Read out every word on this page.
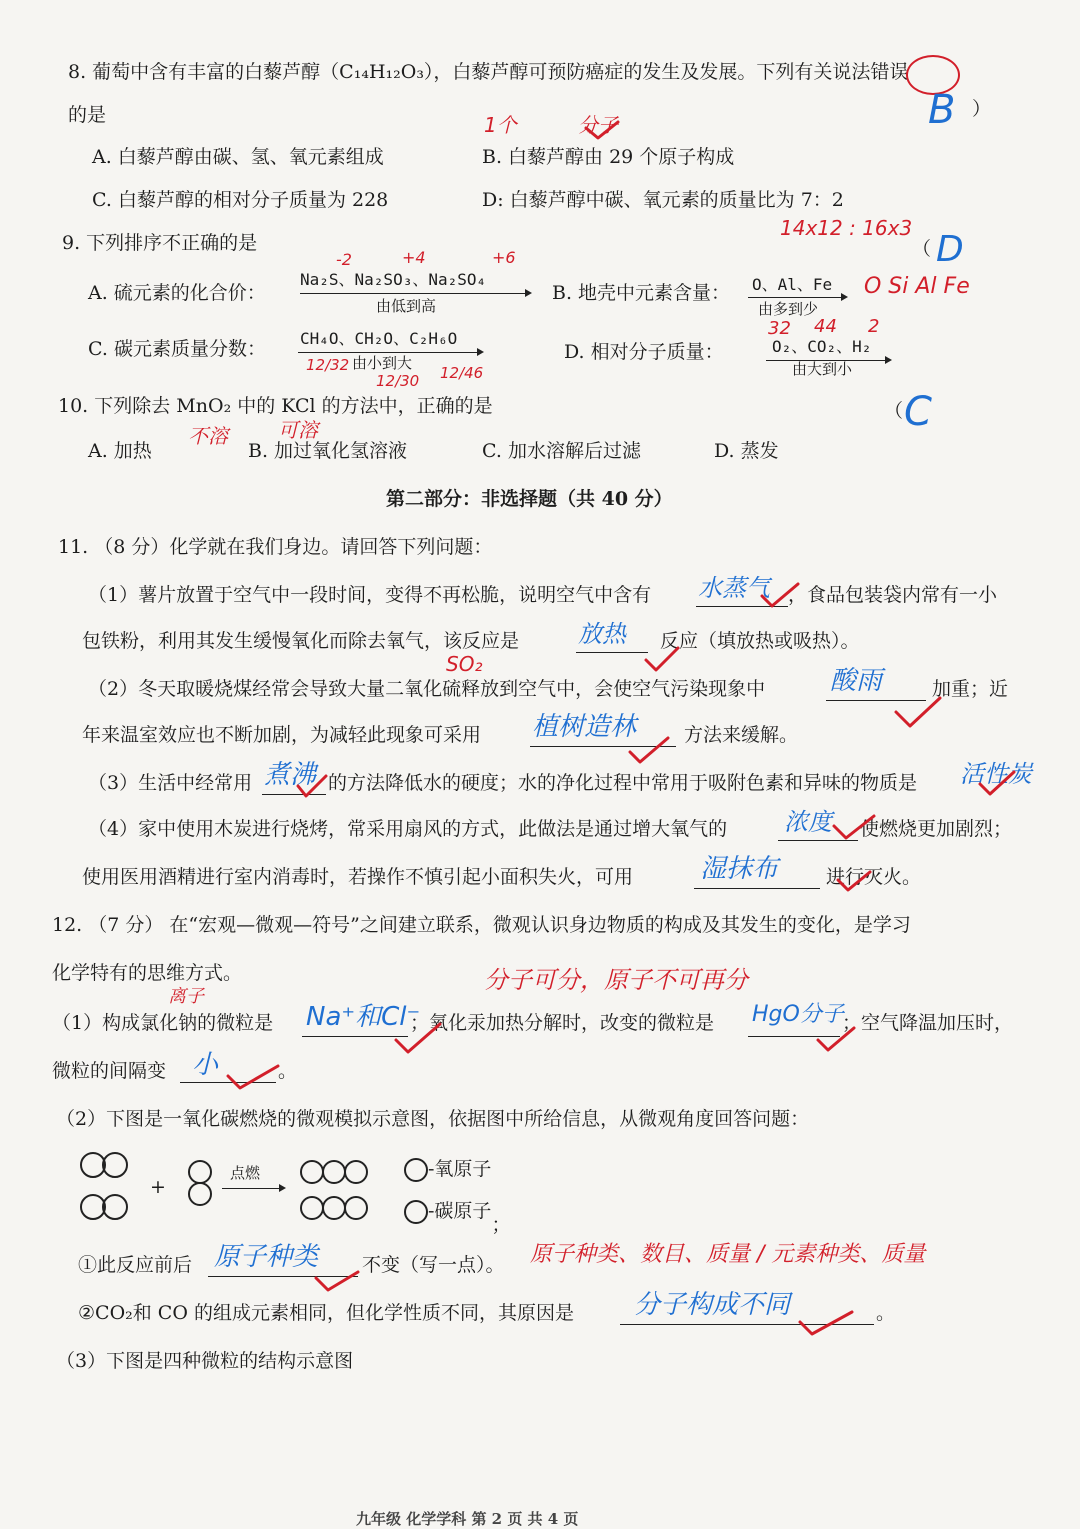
8. 葡萄中含有丰富的白藜芦醇（C₁₄H₁₂O₃），白藜芦醇可预防癌症的发生及发展。下列有关说法错误
的是	B ）
1个	分子
A. 白藜芦醇由碳、氢、氧元素组成	B. 白藜芦醇由 29 个原子构成
C. 白藜芦醇的相对分子质量为 228	D: 白藜芦醇中碳、氧元素的质量比为 7：2
14x12 : 16x3
9. 下列排序不正确的是	（ D
A. 硫元素的化合价：
-2	+4	+6
Na₂S、Na₂SO₃、Na₂SO₄
由低到高
B. 地壳中元素含量： O、Al、Fe
由多到少
O Si Al Fe
C. 碳元素质量分数： CH₄O、CH₂O、C₂H₆O
由小到大
12/32
12/30 12/46
D. 相对分子质量：
32 44 2
O₂、CO₂、H₂
由大到小
10. 下列除去 MnO₂ 中的 KCl 的方法中，正确的是	（ C
不溶	可溶
A. 加热	B. 加过氧化氢溶液	C. 加水溶解后过滤	D. 蒸发
第二部分：非选择题（共 40 分）
11. （8 分）化学就在我们身边。请回答下列问题：
（1）薯片放置于空气中一段时间，变得不再松脆，说明空气中含有 水蒸气 ，食品包装袋内常有一小
包铁粉，利用其发生缓慢氧化而除去氧气，该反应是 放热 反应（填放热或吸热）。
SO₂
（2）冬天取暖烧煤经常会导致大量二氧化硫释放到空气中，会使空气污染现象中 酸雨	加重；近
年来温室效应也不断加剧，为减轻此现象可采用 植树造林	方法来缓解。
（3）生活中经常用 煮沸 的方法降低水的硬度；水的净化过程中常用于吸附色素和异味的物质是 活性炭
（4）家中使用木炭进行烧烤，常采用扇风的方式，此做法是通过增大氧气的 浓度 使燃烧更加剧烈；
使用医用酒精进行室内消毒时，若操作不慎引起小面积失火，可用	湿抹布	进行灭火。
12. （7 分） 在“宏观—微观—符号”之间建立联系，微观认识身边物质的构成及其发生的变化，是学习
化学特有的思维方式。	分子可分，原子不可再分
离子
（1）构成氯化钠的微粒是 Na⁺和Cl⁻
；氧化汞加热分解时，改变的微粒是 HgO分子
；空气降温加压时，
微粒的间隔变 小	。
（2）下图是一氧化碳燃烧的微观模拟示意图，依据图中所给信息，从微观角度回答问题：
+
点燃	-氧原子
-碳原子；
①此反应前后 原子种类 不变（写一点）。 原子种类、数目、质量 / 元素种类、质量
②CO₂和 CO 的组成元素相同，但化学性质不同，其原因是 分子构成不同	。
（3）下图是四种微粒的结构示意图
九年级 化学学科 第 2 页 共 4 页
